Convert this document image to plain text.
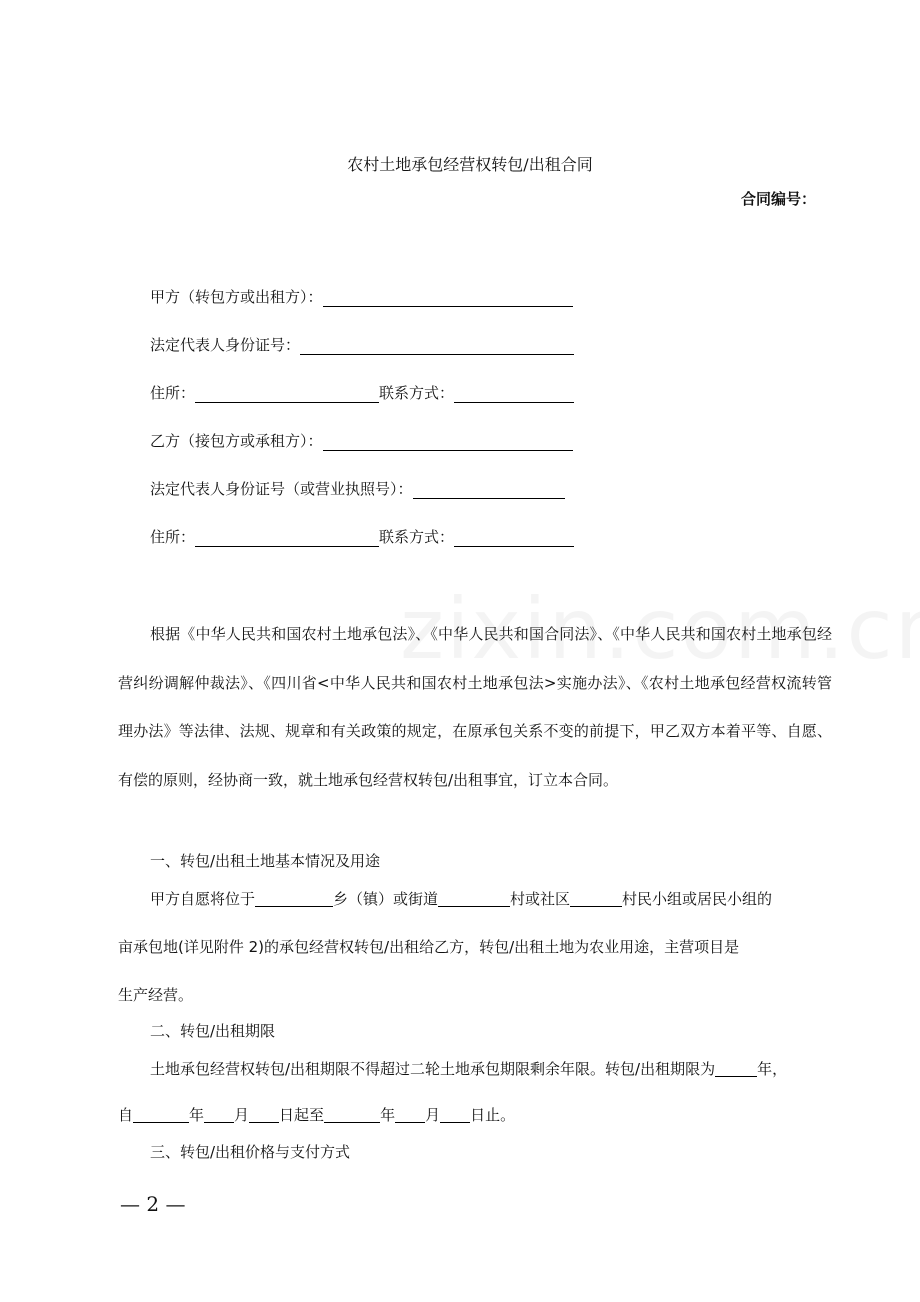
农村土地承包经营权转包/出租合同
合同编号：
甲方（转包方或出租方）：
法定代表人身份证号：
住所：	联系方式：
乙方（接包方或承租方）：
法定代表人身份证号（或营业执照号）：
住所：	联系方式：
根据《中华人民共和国农村土地承包法》、《中华人民共和国合同法》、《中华人民共和国农村土地承包经营纠纷调解仲裁法》、《四川省<中华人民共和国农村土地承包法>实施办法》、《农村土地承包经营权流转管理办法》等法律、法规、规章和有关政策的规定，在原承包关系不变的前提下，甲乙双方本着平等、自愿、有偿的原则，经协商一致，就土地承包经营权转包/出租事宜，订立本合同。
一、转包/出租土地基本情况及用途
甲方自愿将位于	乡（镇）或街道	村或社区	村民小组或居民小组的
亩承包地(详见附件 2)的承包经营权转包/出租给乙方，转包/出租土地为农业用途，主营项目是
生产经营。
二、转包/出租期限
土地承包经营权转包/出租期限不得超过二轮土地承包期限剩余年限。转包/出租期限为	年，
自	年 月 日起至	年 月 日止。
三、转包/出租价格与支付方式
— 2 —
